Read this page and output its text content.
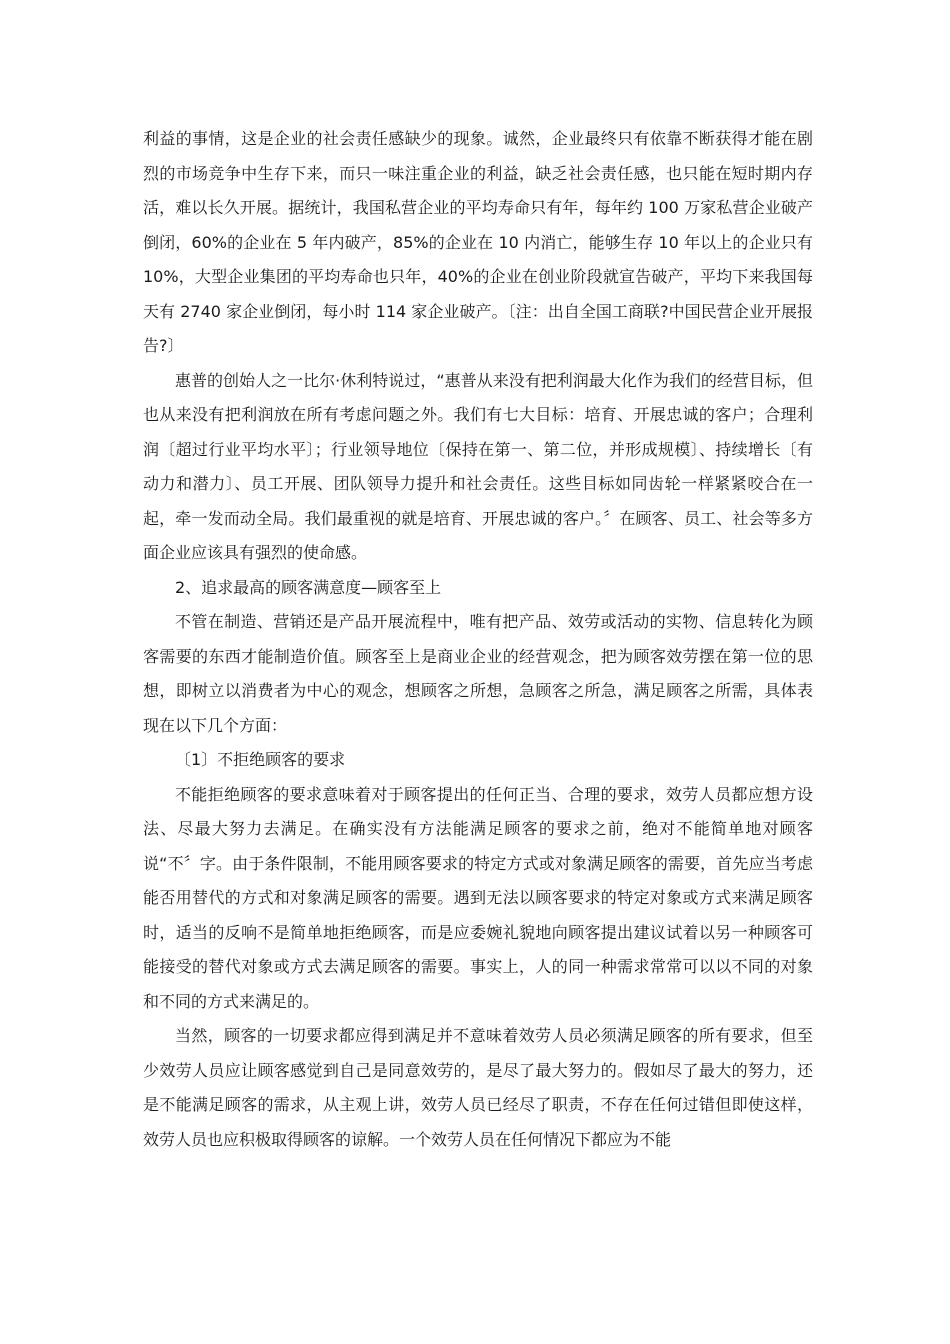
利益的事情，这是企业的社会责任感缺少的现象。诚然，企业最终只有依靠不断获得才能在剧烈的市场竞争中生存下来，而只一味注重企业的利益，缺乏社会责任感，也只能在短时期内存活，难以长久开展。据统计，我国私营企业的平均寿命只有年，每年约 100 万家私营企业破产倒闭，60%的企业在 5 年内破产，85%的企业在 10 内消亡，能够生存 10 年以上的企业只有 10%，大型企业集团的平均寿命也只年，40%的企业在创业阶段就宣告破产，平均下来我国每天有 2740 家企业倒闭，每小时 114 家企业破产。〔注：出自全国工商联?中国民营企业开展报告?〕

惠普的创始人之一比尔·休利特说过，“惠普从来没有把利润最大化作为我们的经营目标，但也从来没有把利润放在所有考虑问题之外。我们有七大目标：培育、开展忠诚的客户；合理利润〔超过行业平均水平〕；行业领导地位〔保持在第一、第二位，并形成规模〕、持续增长〔有动力和潜力〕、员工开展、团队领导力提升和社会责任。这些目标如同齿轮一样紧紧咬合在一起，牵一发而动全局。我们最重视的就是培育、开展忠诚的客户。〞在顾客、员工、社会等多方面企业应该具有强烈的使命感。

2、追求最高的顾客满意度—顾客至上

不管在制造、营销还是产品开展流程中，唯有把产品、效劳或活动的实物、信息转化为顾客需要的东西才能制造价值。顾客至上是商业企业的经营观念，把为顾客效劳摆在第一位的思想，即树立以消费者为中心的观念，想顾客之所想，急顾客之所急，满足顾客之所需，具体表现在以下几个方面：

〔1〕不拒绝顾客的要求

不能拒绝顾客的要求意味着对于顾客提出的任何正当、合理的要求，效劳人员都应想方设法、尽最大努力去满足。在确实没有方法能满足顾客的要求之前，绝对不能简单地对顾客说“不〞字。由于条件限制，不能用顾客要求的特定方式或对象满足顾客的需要，首先应当考虑能否用替代的方式和对象满足顾客的需要。遇到无法以顾客要求的特定对象或方式来满足顾客时，适当的反响不是简单地拒绝顾客，而是应委婉礼貌地向顾客提出建议试着以另一种顾客可能接受的替代对象或方式去满足顾客的需要。事实上，人的同一种需求常常可以以不同的对象和不同的方式来满足的。

当然，顾客的一切要求都应得到满足并不意味着效劳人员必须满足顾客的所有要求，但至少效劳人员应让顾客感觉到自己是同意效劳的，是尽了最大努力的。假如尽了最大的努力，还是不能满足顾客的需求，从主观上讲，效劳人员已经尽了职责，不存在任何过错但即使这样，效劳人员也应积极取得顾客的谅解。一个效劳人员在任何情况下都应为不能
